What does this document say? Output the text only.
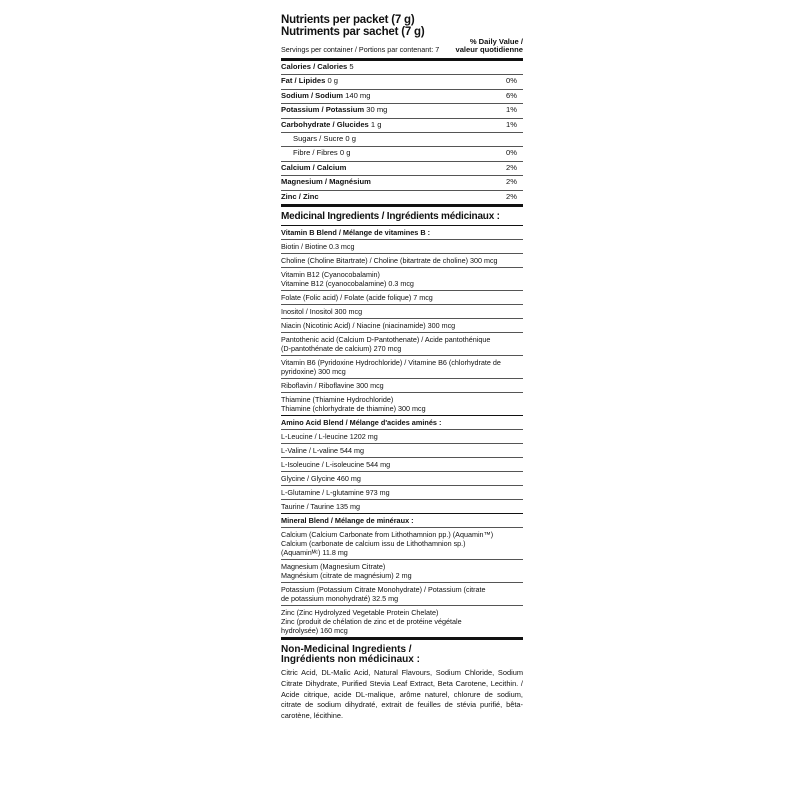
Nutrients per packet (7 g)
Nutriments par sachet (7 g)
Servings per container / Portions par contenant: 7
% Daily Value /
valeur quotidienne
Calories / Calories 5
Fat / Lipides 0 g	0%
Sodium / Sodium 140 mg	6%
Potassium / Potassium 30 mg	1%
Carbohydrate / Glucides 1 g	1%
Sugars / Sucre 0 g
Fibre / Fibres 0 g	0%
Calcium / Calcium	2%
Magnesium / Magnésium	2%
Zinc / Zinc	2%
Medicinal Ingredients / Ingrédients médicinaux :
Vitamin B Blend / Mélange de vitamines B :
Biotin / Biotine 0.3 mcg
Choline (Choline Bitartrate) / Choline (bitartrate de choline) 300 mcg
Vitamin B12 (Cyanocobalamin)
Vitamine B12 (cyanocobalamine) 0.3 mcg
Folate (Folic acid) / Folate (acide folique) 7 mcg
Inositol / Inositol 300 mcg
Niacin (Nicotinic Acid) / Niacine (niacinamide) 300 mcg
Pantothenic acid (Calcium D-Pantothenate) / Acide pantothénique
(D-pantothénate de calcium) 270 mcg
Vitamin B6 (Pyridoxine Hydrochloride) / Vitamine B6 (chlorhydrate de
pyridoxine) 300 mcg
Riboflavin / Riboflavine 300 mcg
Thiamine (Thiamine Hydrochloride)
Thiamine (chlorhydrate de thiamine) 300 mcg
Amino Acid Blend / Mélange d'acides aminés :
L-Leucine / L-leucine 1202 mg
L-Valine / L-valine 544 mg
L-Isoleucine / L-isoleucine 544 mg
Glycine / Glycine 460 mg
L-Glutamine / L-glutamine 973 mg
Taurine / Taurine 135 mg
Mineral Blend / Mélange de minéraux :
Calcium (Calcium Carbonate from Lithothamnion pp.) (Aquamin™)
Calcium (carbonate de calcium issu de Lithothamnion sp.)
(Aquaminᴹᶜ) 11.8 mg
Magnesium (Magnesium Citrate)
Magnésium (citrate de magnésium) 2 mg
Potassium (Potassium Citrate Monohydrate) / Potassium (citrate
de potassium monohydraté) 32.5 mg
Zinc (Zinc Hydrolyzed Vegetable Protein Chelate)
Zinc (produit de chélation de zinc et de protéine végétale
hydrolysée) 160 mcg
Non-Medicinal Ingredients /
Ingrédients non médicinaux :
Citric Acid, DL-Malic Acid, Natural Flavours, Sodium Chloride, Sodium Citrate Dihydrate, Purified Stevia Leaf Extract, Beta Carotene, Lecithin. / Acide citrique, acide DL-malique, arôme naturel, chlorure de sodium, citrate de sodium dihydraté, extrait de feuilles de stévia purifié, bêta-carotène, lécithine.
